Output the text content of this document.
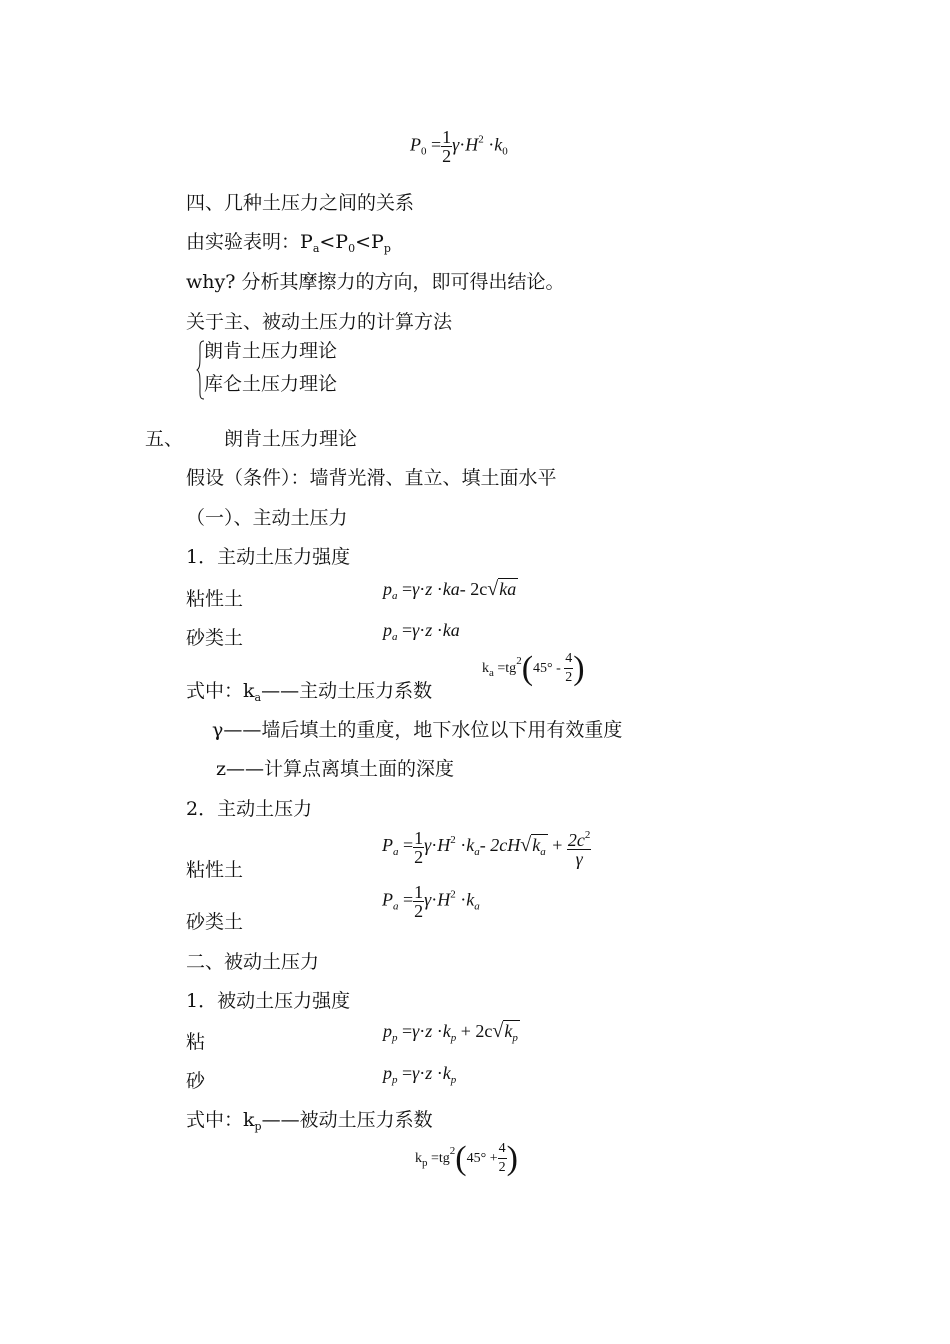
$P_0 = \frac{1}{2} \gamma\cdot H^2 \cdot k_0$
四、几种土压力之间的关系
由实验表明：$P_a<P_0<P_p$
why? 分析其摩擦力的方向，即可得出结论。
关于主、被动土压力的计算方法
朗肯土压力理论
库仑土压力理论
五、 朗肯土压力理论
假设（条件）：墙背光滑、直立、填土面水平
（一）、主动土压力
1．主动土压力强度
粘性土	$p_a =\gamma\cdot z \cdot ka-$ 2c√ka
砂类土	$p_a =\gamma\cdot z \cdot ka$
$k_a =tg^2(45^\circ - \frac{4}{2}$ )
式中：$k_a——$主动土压力系数
γ——墙后填土的重度，地下水位以下用有效重度
z——计算点离填土面的深度
2．主动土压力
$P_a = \frac{1}{2} \gamma\cdot H^2 \cdot k_a-$ $2cH√k_a + \frac{2c^2}{\gamma}$
粘性土
$P_a = \frac{1}{2} \gamma\cdot H^2 \cdot k_a$
砂类土
二、被动土压力
1．被动土压力强度
$p_p =\gamma\cdot z \cdot k_p + 2c√k_p$
粘
$p_p =\gamma\cdot z \cdot k_p$
砂
式中：$k_p——$被动土压力系数
$k_p =tg^2(45^\circ + \frac{4}{2}$ )
